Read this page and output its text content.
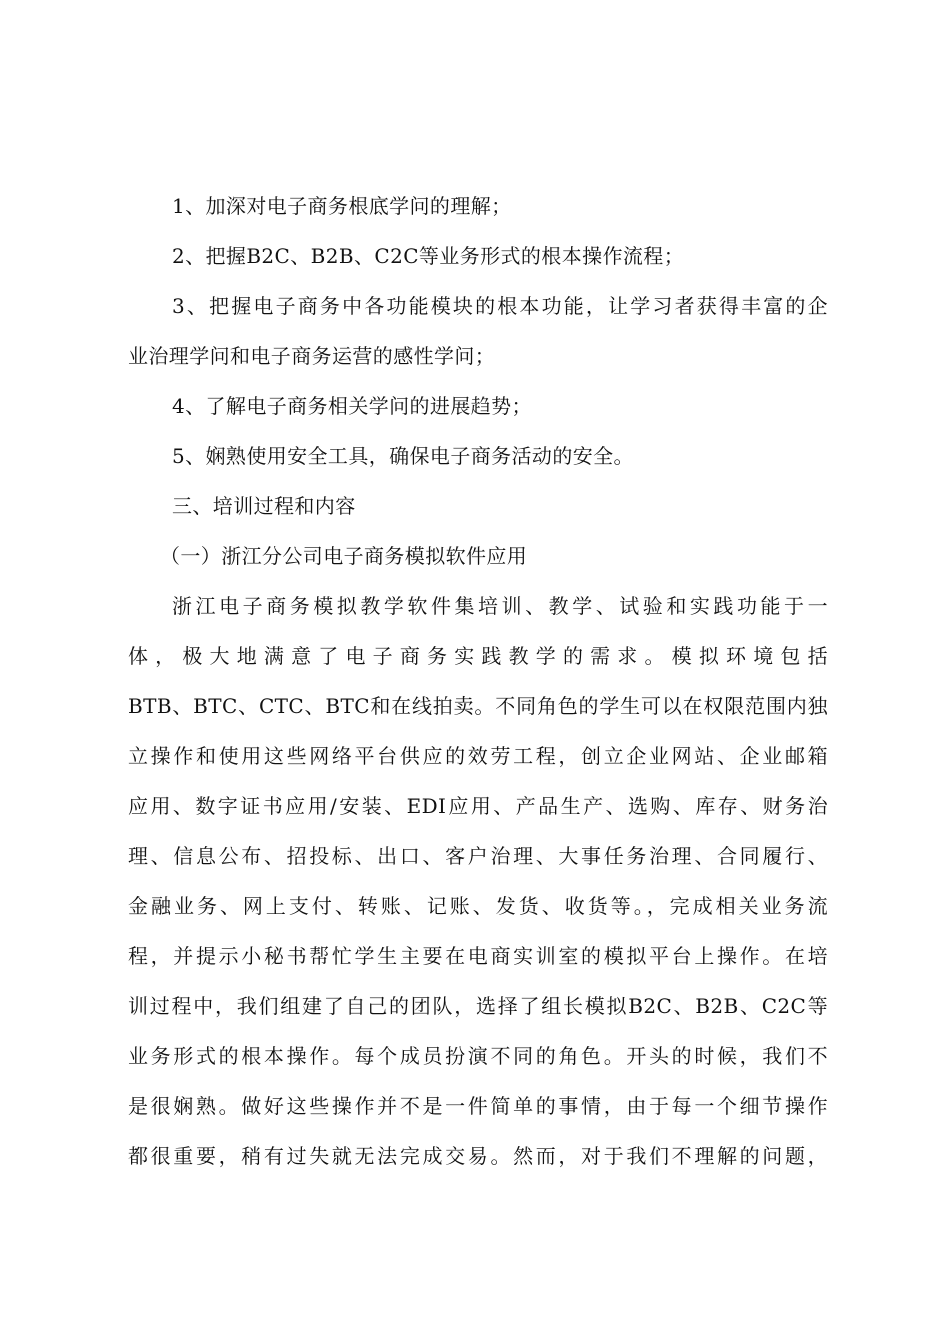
1、加深对电子商务根底学问的理解；
2、把握B2C、B2B、C2C等业务形式的根本操作流程；
3、把握电子商务中各功能模块的根本功能，让学习者获得丰富的企
业治理学问和电子商务运营的感性学问；
4、了解电子商务相关学问的进展趋势；
5、娴熟使用安全工具，确保电子商务活动的安全。
三、培训过程和内容
（一）浙江分公司电子商务模拟软件应用
浙江电子商务模拟教学软件集培训、教学、试验和实践功能于一
体，极大地满意了电子商务实践教学的需求。模拟环境包括
BTB、BTC、CTC、BTC和在线拍卖。不同角色的学生可以在权限范围内独
立操作和使用这些网络平台供应的效劳工程，创立企业网站、企业邮箱
应用、数字证书应用/安装、EDI应用、产品生产、选购、库存、财务治
理、信息公布、招投标、出口、客户治理、大事任务治理、合同履行、
金融业务、网上支付、转账、记账、发货、收货等。，完成相关业务流
程，并提示小秘书帮忙学生主要在电商实训室的模拟平台上操作。在培
训过程中，我们组建了自己的团队，选择了组长模拟B2C、B2B、C2C等
业务形式的根本操作。每个成员扮演不同的角色。开头的时候，我们不
是很娴熟。做好这些操作并不是一件简单的事情，由于每一个细节操作
都很重要，稍有过失就无法完成交易。然而，对于我们不理解的问题，
